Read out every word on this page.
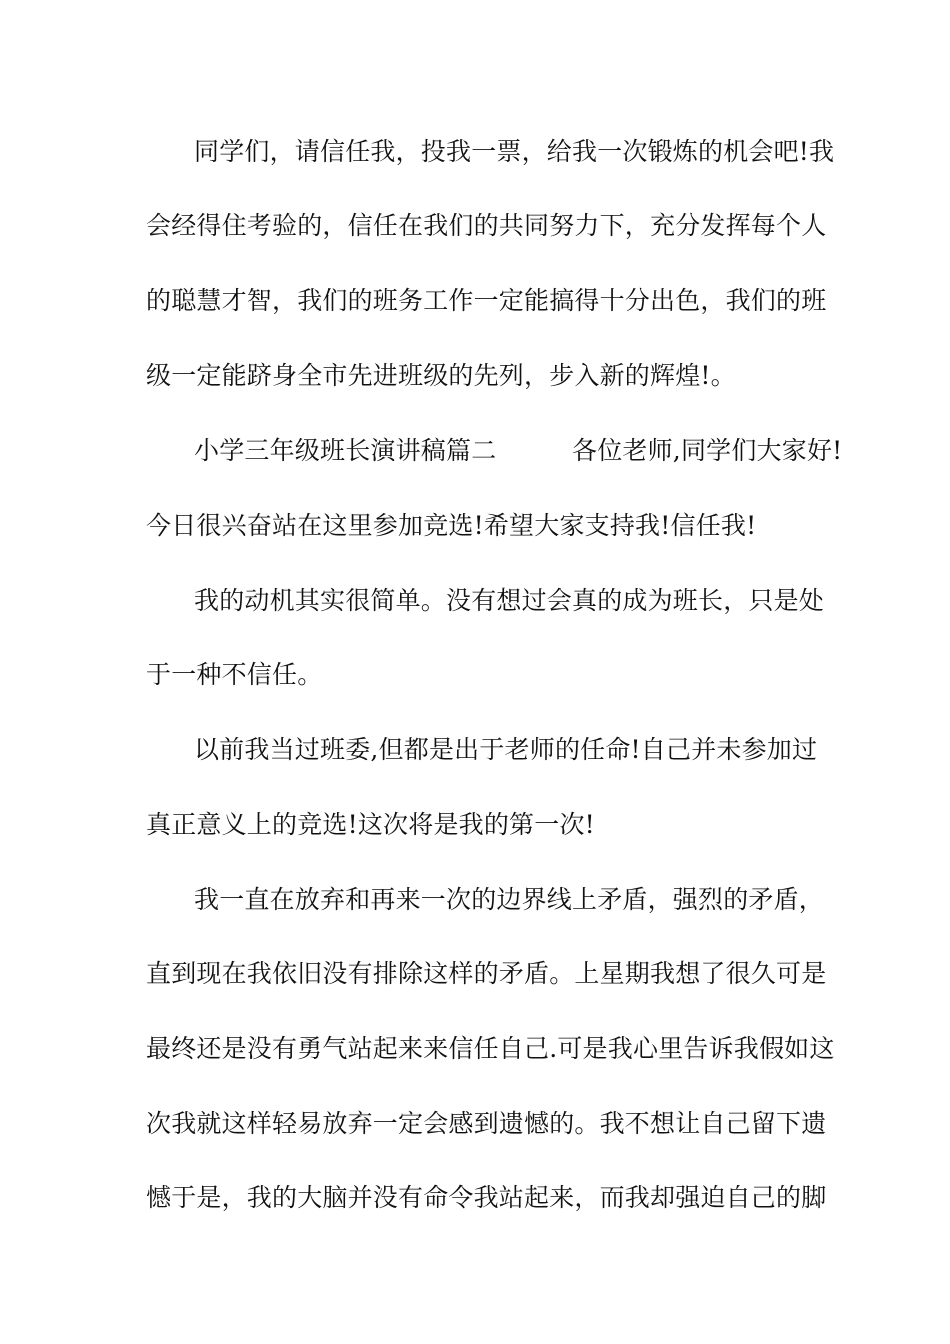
同学们，请信任我，投我一票，给我一次锻炼的机会吧!我
会经得住考验的，信任在我们的共同努力下，充分发挥每个人
的聪慧才智，我们的班务工作一定能搞得十分出色，我们的班
级一定能跻身全市先进班级的先列，步入新的辉煌!。
小学三年级班长演讲稿篇二　　　各位老师,同学们大家好!
今日很兴奋站在这里参加竞选!希望大家支持我!信任我!
我的动机其实很简单。没有想过会真的成为班长，只是处
于一种不信任。
以前我当过班委,但都是出于老师的任命!自己并未参加过
真正意义上的竞选!这次将是我的第一次!
我一直在放弃和再来一次的边界线上矛盾，强烈的矛盾，
直到现在我依旧没有排除这样的矛盾。上星期我想了很久可是
最终还是没有勇气站起来来信任自己.可是我心里告诉我假如这
次我就这样轻易放弃一定会感到遗憾的。我不想让自己留下遗
憾于是，我的大脑并没有命令我站起来，而我却强迫自己的脚
